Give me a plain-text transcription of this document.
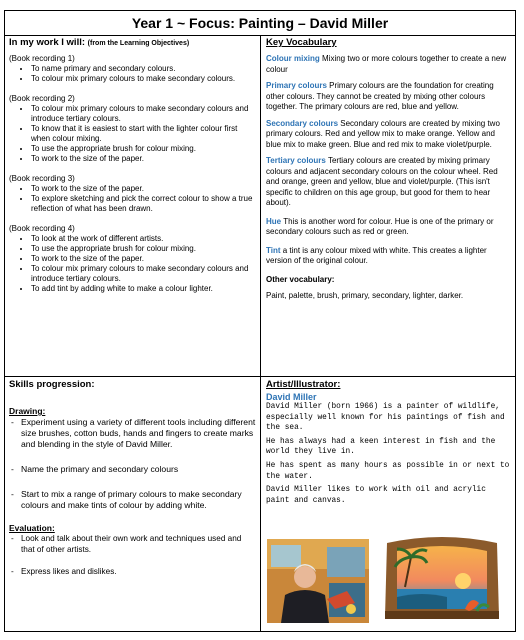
Year 1 ~ Focus: Painting – David Miller
In my work I will: (from the Learning Objectives)
(Book recording 1)
• To name primary and secondary colours.
• To colour mix primary colours to make secondary colours.
(Book recording 2)
• To colour mix primary colours to make secondary colours and introduce tertiary colours.
• To know that it is easiest to start with the lighter colour first when colour mixing.
• To use the appropriate brush for colour mixing.
• To work to the size of the paper.
(Book recording 3)
• To work to the size of the paper.
• To explore sketching and pick the correct colour to show a true reflection of what has been drawn.
(Book recording 4)
• To look at the work of different artists.
• To use the appropriate brush for colour mixing.
• To work to the size of the paper.
• To colour mix primary colours to make secondary colours and introduce tertiary colours.
• To add tint by adding white to make a colour lighter.
Key Vocabulary

Colour mixing Mixing two or more colours together to create a new colour

Primary colours Primary colours are the foundation for creating other colours. They cannot be created by mixing other colours together. The primary colours are red, blue and yellow.

Secondary colours Secondary colours are created by mixing two primary colours. Red and yellow mix to make orange. Yellow and blue mix to make green. Blue and red mix to make violet/purple.

Tertiary colours Tertiary colours are created by mixing primary colours and adjacent secondary colours on the colour wheel. Red and orange, green and yellow, blue and violet/purple. (This isn't specific to children on this age group, but good for them to hear about).

Hue This is another word for colour. Hue is one of the primary or secondary colours such as red or green.

Tint a tint is any colour mixed with white. This creates a lighter version of the original colour.

Other vocabulary:

Paint, palette, brush, primary, secondary, lighter, darker.

Skills progression:
Drawing:
- Experiment using a variety of different tools including different size brushes, cotton buds, hands and fingers to create marks and blending in the style of David Miller.
- Name the primary and secondary colours
- Start to mix a range of primary colours to make secondary colours and make tints of colour by adding white.
Evaluation:
- Look and talk about their own work and techniques used and that of other artists.
- Express likes and dislikes.
Artist/Illustrator:
David Miller

David Miller (born 1966) is a painter of wildlife, especially well known for his paintings of fish and the sea.

He has always had a keen interest in fish and the world they live in.

He has spent as many hours as possible in or next to the water.

David Miller likes to work with oil and acrylic paint and canvas.
